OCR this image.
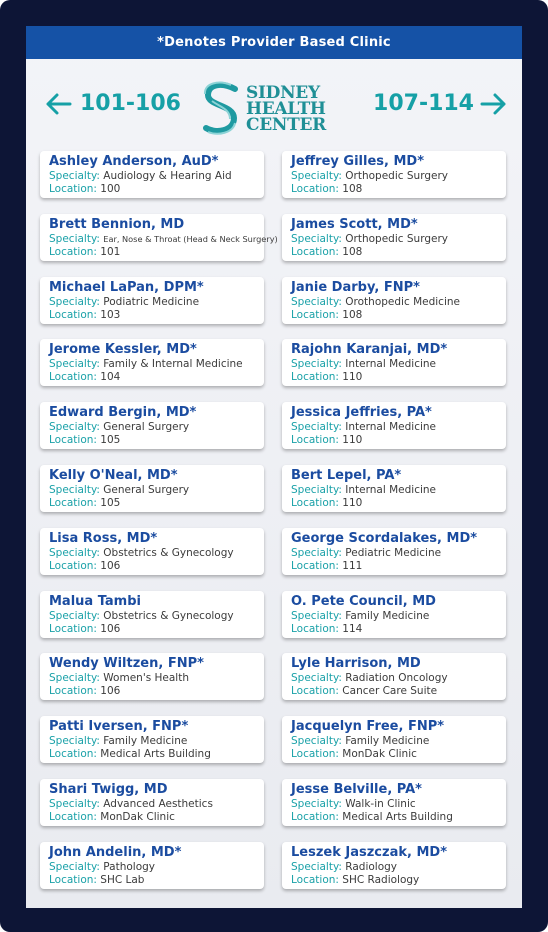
*Denotes Provider Based Clinic
101-106	SIDNEY
HEALTH
CENTER
107-114
Ashley Anderson, AuD*
Specialty: Audiology & Hearing Aid
Location: 100
Brett Bennion, MD
Specialty: Ear, Nose & Throat (Head & Neck Surgery)
Location: 101
Michael LaPan, DPM*
Specialty: Podiatric Medicine
Location: 103
Jerome Kessler, MD*
Specialty: Family & Internal Medicine
Location: 104
Edward Bergin, MD*
Specialty: General Surgery
Location: 105
Kelly O'Neal, MD*
Specialty: General Surgery
Location: 105
Lisa Ross, MD*
Specialty: Obstetrics & Gynecology
Location: 106
Malua Tambi
Specialty: Obstetrics & Gynecology
Location: 106
Wendy Wiltzen, FNP*
Specialty: Women's Health
Location: 106
Patti Iversen, FNP*
Specialty: Family Medicine
Location: Medical Arts Building
Shari Twigg, MD
Specialty: Advanced Aesthetics
Location: MonDak Clinic
John Andelin, MD*
Specialty: Pathology
Location: SHC Lab
Jeffrey Gilles, MD*
Specialty: Orthopedic Surgery
Location: 108
James Scott, MD*
Specialty: Orthopedic Surgery
Location: 108
Janie Darby, FNP*
Specialty: Orothopedic Medicine
Location: 108
Rajohn Karanjai, MD*
Specialty: Internal Medicine
Location: 110
Jessica Jeffries, PA*
Specialty: Internal Medicine
Location: 110
Bert Lepel, PA*
Specialty: Internal Medicine
Location: 110
George Scordalakes, MD*
Specialty: Pediatric Medicine
Location: 111
O. Pete Council, MD
Specialty: Family Medicine
Location: 114
Lyle Harrison, MD
Specialty: Radiation Oncology
Location: Cancer Care Suite
Jacquelyn Free, FNP*
Specialty: Family Medicine
Location: MonDak Clinic
Jesse Belville, PA*
Specialty: Walk-in Clinic
Location: Medical Arts Building
Leszek Jaszczak, MD*
Specialty: Radiology
Location: SHC Radiology
